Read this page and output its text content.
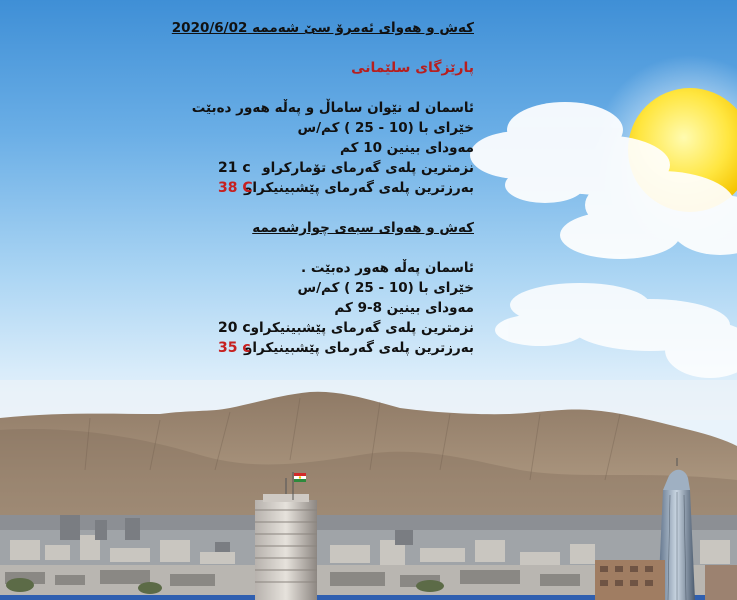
کەش و هەوای ئەمرۆ سێ شەممە 2020/6/02
پارێزگای سلێمانی
ئاسمان لە نێوان ساماڵ و پەڵە هەور دەبێت
خێرای با (10 - 25 ) کم/س
مەودای بینین 10 کم
نزمترین پلەی گەرمای تۆمارکراو
21 c
بەرزترین پلەی گەرمای پێشبینیکراو
38 C
کەش و هەوای سبەی چوارشەممە
ئاسمان پەڵە هەور دەبێت .
خێرای با (10 - 25 ) کم/س
مەودای بینین 8-9 کم
نزمترین پلەی گەرمای پێشبینیکراو
20 c
بەرزترین پلەی گەرمای پێشبینیکراو
35 c
